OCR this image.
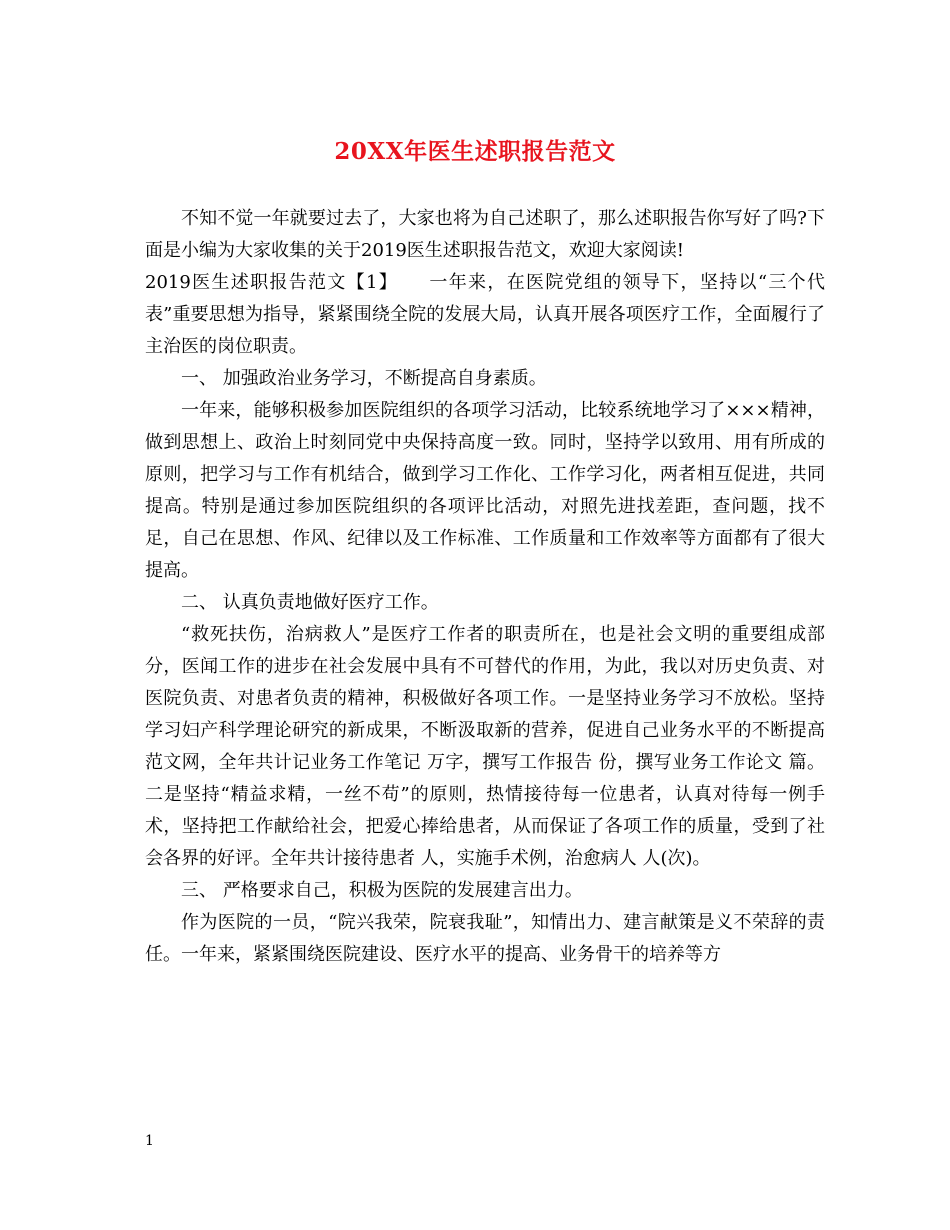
20XX年医生述职报告范文

不知不觉一年就要过去了，大家也将为自己述职了，那么述职报告你写好了吗?下面是小编为大家收集的关于2019医生述职报告范文，欢迎大家阅读!

2019医生述职报告范文【1】 一年来，在医院党组的领导下，坚持以“三个代表”重要思想为指导，紧紧围绕全院的发展大局，认真开展各项医疗工作，全面履行了主治医的岗位职责。

一、 加强政治业务学习，不断提高自身素质。

一年来，能够积极参加医院组织的各项学习活动，比较系统地学习了×××精神，做到思想上、政治上时刻同党中央保持高度一致。同时，坚持学以致用、用有所成的原则，把学习与工作有机结合，做到学习工作化、工作学习化，两者相互促进，共同提高。特别是通过参加医院组织的各项评比活动，对照先进找差距，查问题，找不足，自己在思想、作风、纪律以及工作标准、工作质量和工作效率等方面都有了很大提高。

二、 认真负责地做好医疗工作。

“救死扶伤，治病救人”是医疗工作者的职责所在，也是社会文明的重要组成部分，医闻工作的进步在社会发展中具有不可替代的作用，为此，我以对历史负责、对医院负责、对患者负责的精神，积极做好各项工作。一是坚持业务学习不放松。坚持学习妇产科学理论研究的新成果，不断汲取新的营养，促进自己业务水平的不断提高范文网，全年共计记业务工作笔记 万字，撰写工作报告 份，撰写业务工作论文 篇。二是坚持“精益求精，一丝不苟”的原则，热情接待每一位患者，认真对待每一例手术，坚持把工作献给社会，把爱心捧给患者，从而保证了各项工作的质量，受到了社会各界的好评。全年共计接待患者 人，实施手术例，治愈病人 人(次)。

三、 严格要求自己，积极为医院的发展建言出力。

作为医院的一员，“院兴我荣，院衰我耻”，知情出力、建言献策是义不荣辞的责任。一年来，紧紧围绕医院建设、医疗水平的提高、业务骨干的培养等方

1
